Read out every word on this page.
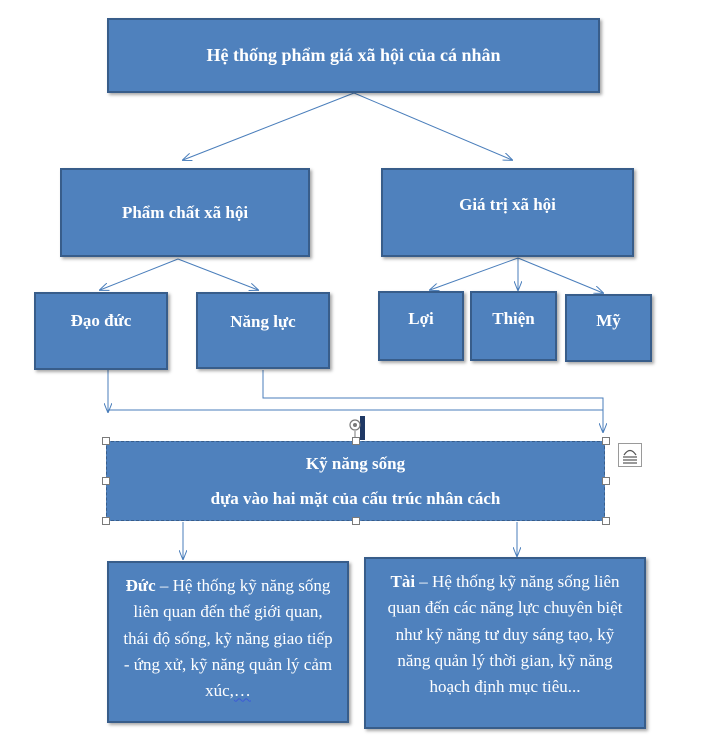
Hệ thống phẩm giá xã hội của cá nhân
Phẩm chất xã hội	Giá trị xã hội
Đạo đức	Năng lực	Lợi	Thiện	Mỹ
Kỹ năng sống
dựa vào hai mặt của cấu trúc nhân cách
Đức – Hệ thống kỹ năng sống liên quan đến thế giới quan, thái độ sống, kỹ năng giao tiếp - ứng xử, kỹ năng quản lý cảm xúc,…
Tài – Hệ thống kỹ năng sống liên quan đến các năng lực chuyên biệt như kỹ năng tư duy sáng tạo, kỹ năng quản lý thời gian, kỹ năng hoạch định mục tiêu...
